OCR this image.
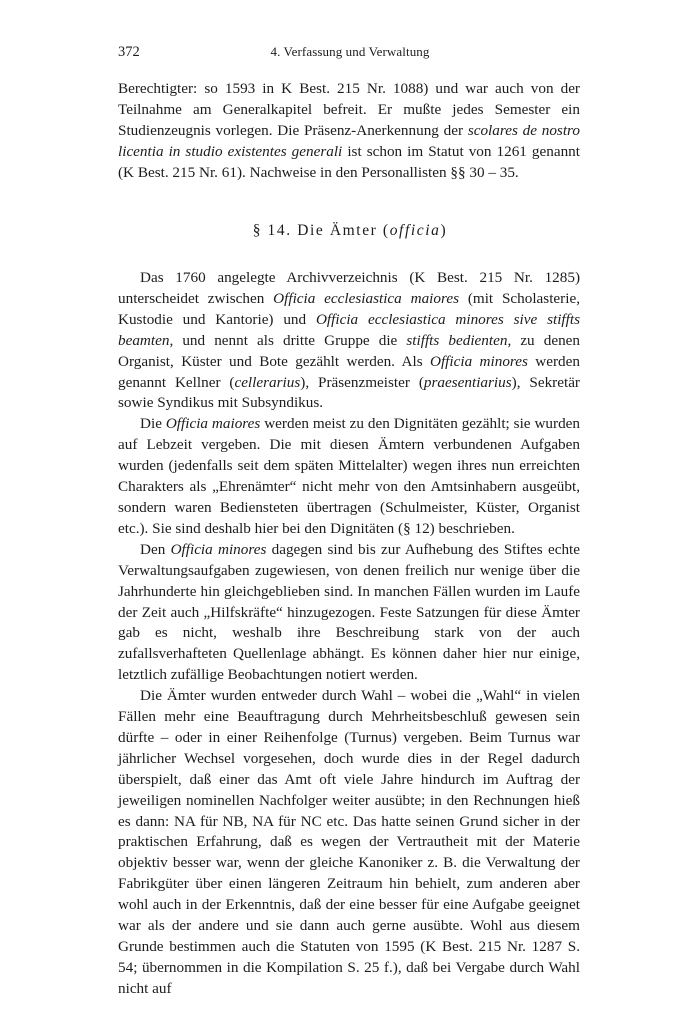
372	4. Verfassung und Verwaltung

Berechtigter: so 1593 in K Best. 215 Nr. 1088) und war auch von der Teilnahme am Generalkapitel befreit. Er mußte jedes Semester ein Studienzeugnis vorlegen. Die Präsenz-Anerkennung der scolares de nostro licentia in studio existentes generali ist schon im Statut von 1261 genannt (K Best. 215 Nr. 61). Nachweise in den Personallisten §§ 30 – 35.

§ 14. Die Ämter (officia)

Das 1760 angelegte Archivverzeichnis (K Best. 215 Nr. 1285) unterscheidet zwischen Officia ecclesiastica maiores (mit Scholasterie, Kustodie und Kantorie) und Officia ecclesiastica minores sive stiffts beamten, und nennt als dritte Gruppe die stiffts bedienten, zu denen Organist, Küster und Bote gezählt werden. Als Officia minores werden genannt Kellner (cellerarius), Präsenzmeister (praesentiarius), Sekretär sowie Syndikus mit Subsyndikus.

Die Officia maiores werden meist zu den Dignitäten gezählt; sie wurden auf Lebzeit vergeben. Die mit diesen Ämtern verbundenen Aufgaben wurden (jedenfalls seit dem späten Mittelalter) wegen ihres nun erreichten Charakters als „Ehrenämter“ nicht mehr von den Amtsinhabern ausgeübt, sondern waren Bediensteten übertragen (Schulmeister, Küster, Organist etc.). Sie sind deshalb hier bei den Dignitäten (§ 12) beschrieben.

Den Officia minores dagegen sind bis zur Aufhebung des Stiftes echte Verwaltungsaufgaben zugewiesen, von denen freilich nur wenige über die Jahrhunderte hin gleichgeblieben sind. In manchen Fällen wurden im Laufe der Zeit auch „Hilfskräfte“ hinzugezogen. Feste Satzungen für diese Ämter gab es nicht, weshalb ihre Beschreibung stark von der auch zufallsverhafteten Quellenlage abhängt. Es können daher hier nur einige, letztlich zufällige Beobachtungen notiert werden.

Die Ämter wurden entweder durch Wahl – wobei die „Wahl“ in vielen Fällen mehr eine Beauftragung durch Mehrheitsbeschluß gewesen sein dürfte – oder in einer Reihenfolge (Turnus) vergeben. Beim Turnus war jährlicher Wechsel vorgesehen, doch wurde dies in der Regel dadurch überspielt, daß einer das Amt oft viele Jahre hindurch im Auftrag der jeweiligen nominellen Nachfolger weiter ausübte; in den Rechnungen hieß es dann: NA für NB, NA für NC etc. Das hatte seinen Grund sicher in der praktischen Erfahrung, daß es wegen der Vertrautheit mit der Materie objektiv besser war, wenn der gleiche Kanoniker z. B. die Verwaltung der Fabrikgüter über einen längeren Zeitraum hin behielt, zum anderen aber wohl auch in der Erkenntnis, daß der eine besser für eine Aufgabe geeignet war als der andere und sie dann auch gerne ausübte. Wohl aus diesem Grunde bestimmen auch die Statuten von 1595 (K Best. 215 Nr. 1287 S. 54; übernommen in die Kompilation S. 25 f.), daß bei Vergabe durch Wahl nicht auf
